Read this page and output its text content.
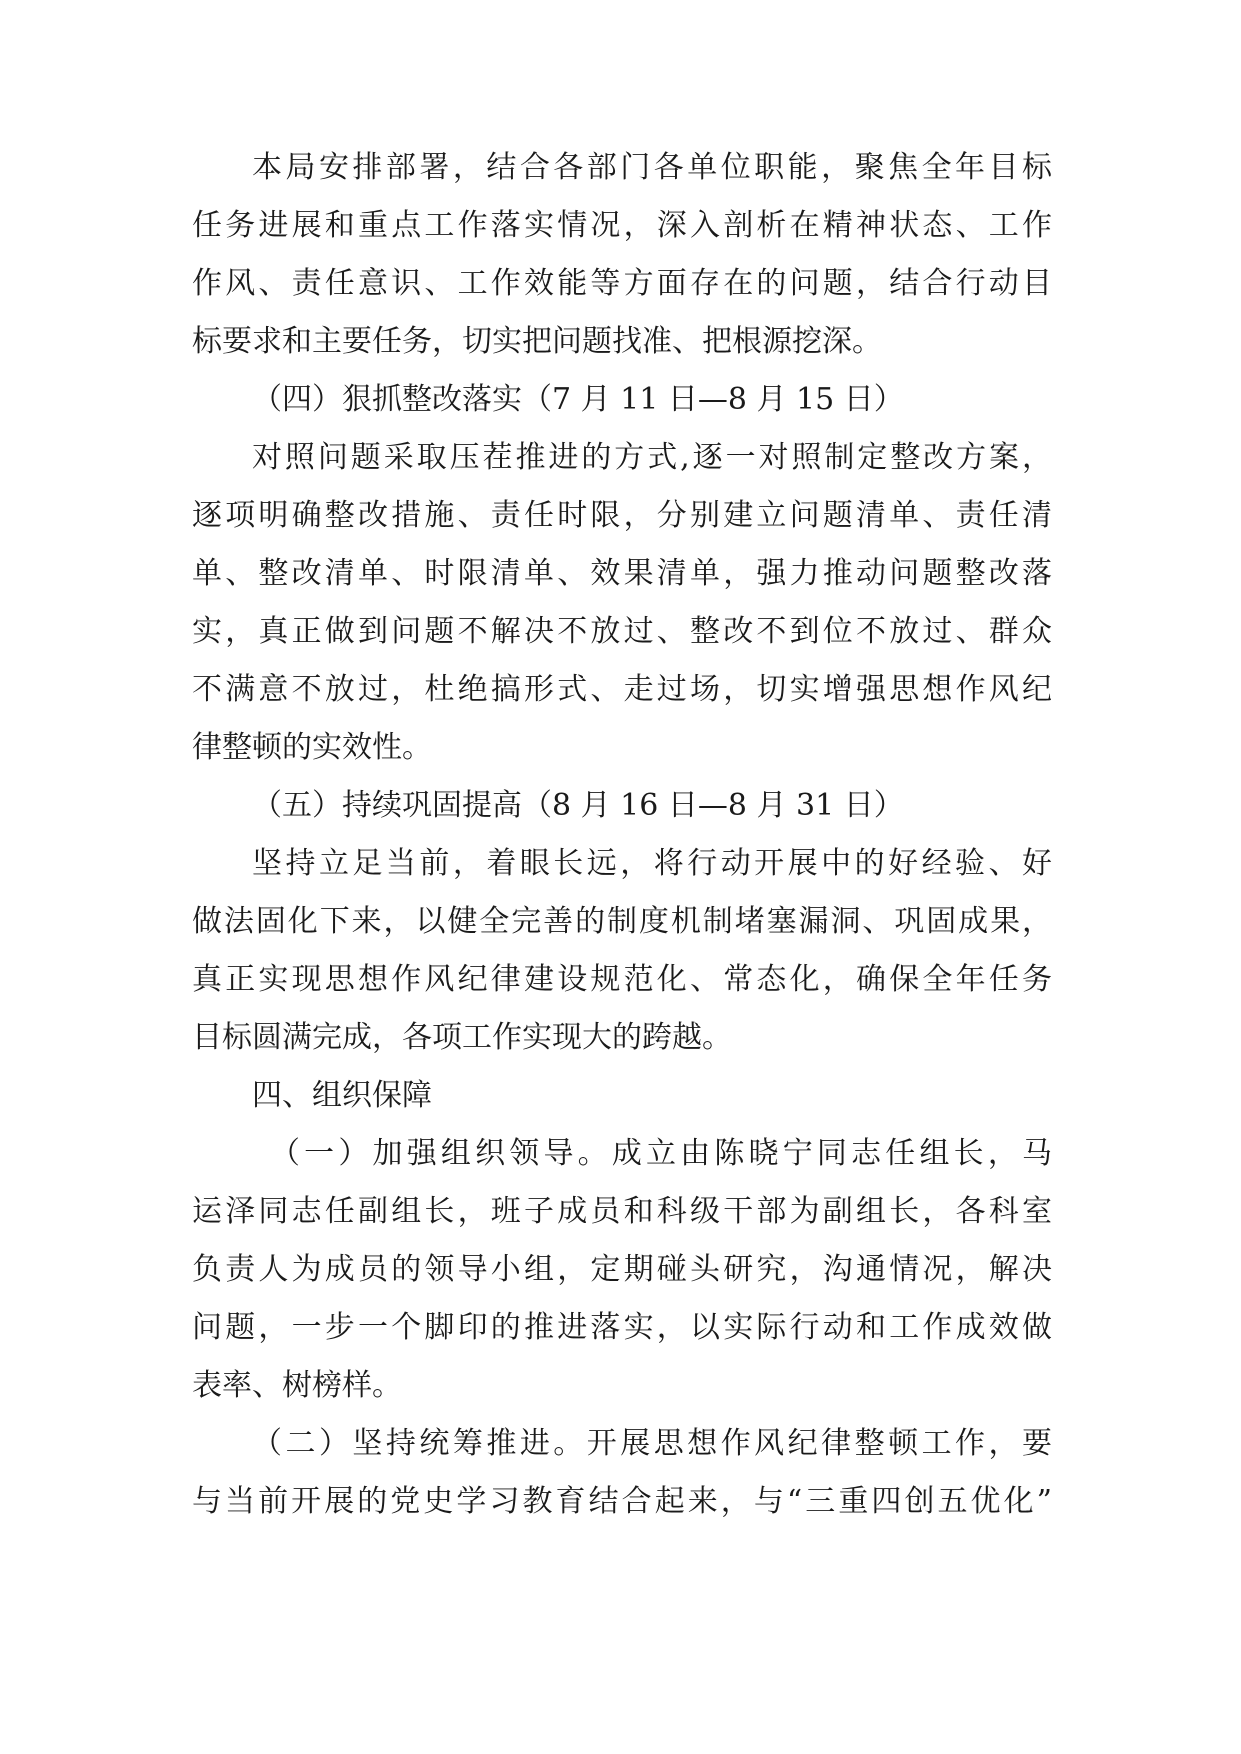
本局安排部署，结合各部门各单位职能，聚焦全年目标

任务进展和重点工作落实情况，深入剖析在精神状态、工作

作风、责任意识、工作效能等方面存在的问题，结合行动目

标要求和主要任务，切实把问题找准、把根源挖深。

（四）狠抓整改落实（7 月 11 日—8 月 15 日）

对照问题采取压茬推进的方式,逐一对照制定整改方案，

逐项明确整改措施、责任时限，分别建立问题清单、责任清

单、整改清单、时限清单、效果清单，强力推动问题整改落

实，真正做到问题不解决不放过、整改不到位不放过、群众

不满意不放过，杜绝搞形式、走过场，切实增强思想作风纪

律整顿的实效性。

（五）持续巩固提高（8 月 16 日—8 月 31 日）

坚持立足当前，着眼长远，将行动开展中的好经验、好

做法固化下来，以健全完善的制度机制堵塞漏洞、巩固成果，

真正实现思想作风纪律建设规范化、常态化，确保全年任务

目标圆满完成，各项工作实现大的跨越。

四、组织保障

（一）加强组织领导。成立由陈晓宁同志任组长，马

运泽同志任副组长，班子成员和科级干部为副组长，各科室

负责人为成员的领导小组，定期碰头研究，沟通情况，解决

问题，一步一个脚印的推进落实，以实际行动和工作成效做

表率、树榜样。

（二）坚持统筹推进。开展思想作风纪律整顿工作，要

与当前开展的党史学习教育结合起来，与“三重四创五优化”
